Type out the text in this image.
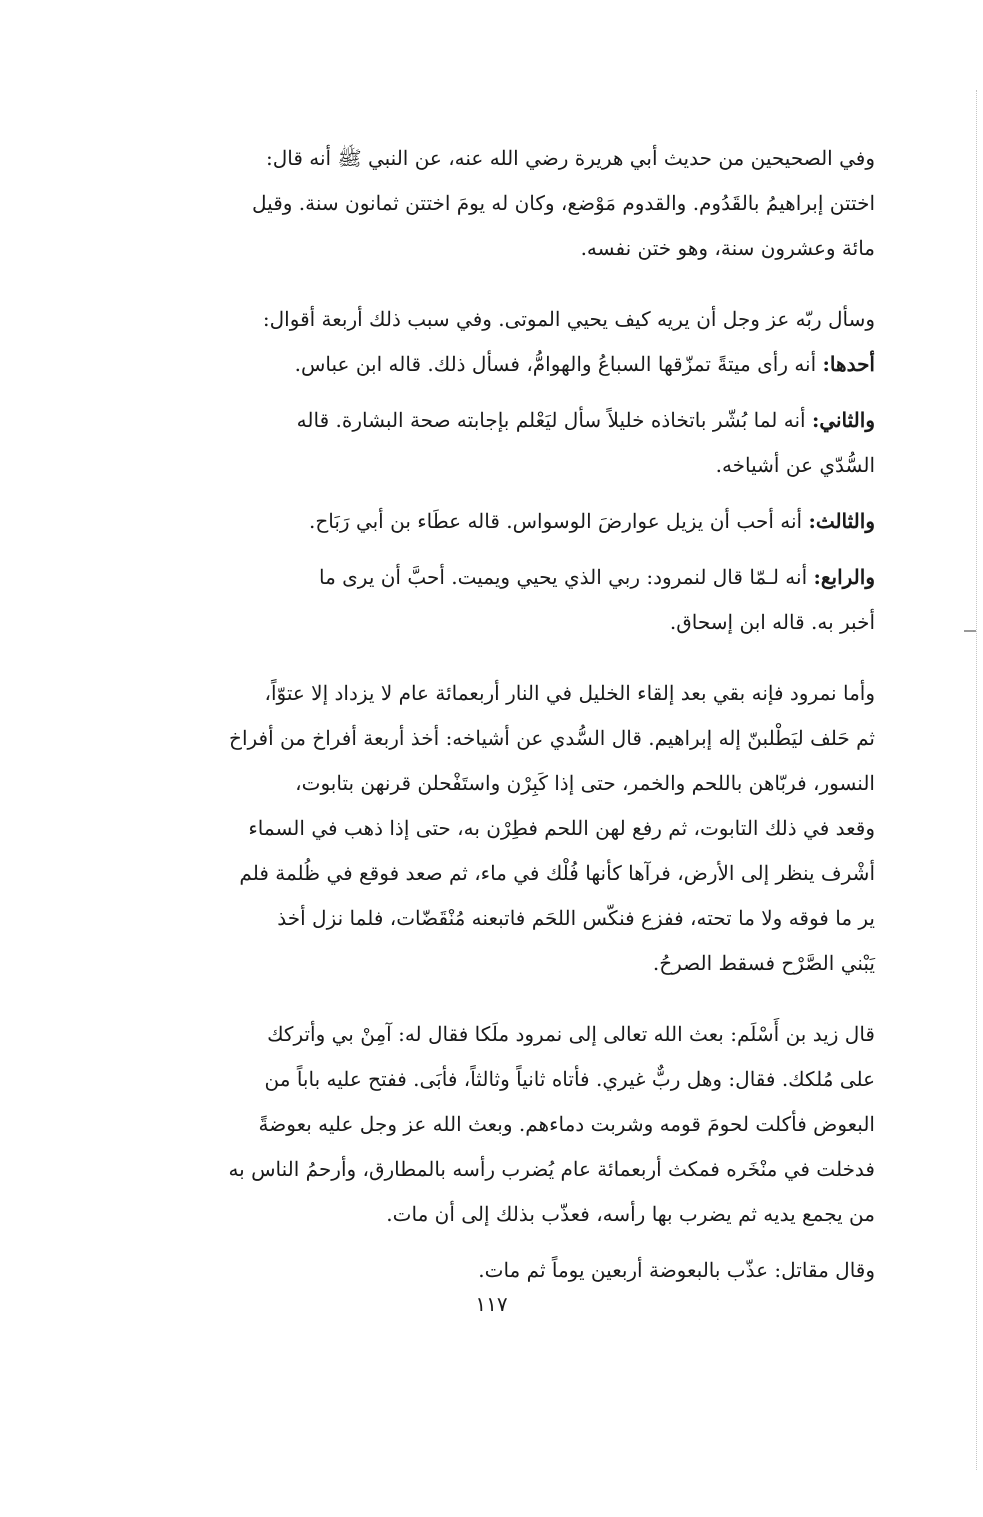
وفي الصحيحين من حديث أبي هريرة رضي الله عنه، عن النبي ﷺ أنه قال:
اختتن إبراهيمُ بالقَدُوم. والقدوم مَوْضع، وكان له يومَ اختتن ثمانون سنة. وقيل
مائة وعشرون سنة، وهو ختن نفسه.

وسأل ربّه عز وجل أن يريه كيف يحيي الموتى. وفي سبب ذلك أربعة أقوال:
أحدها: أنه رأى ميتةً تمزّقها السباعُ والهوامُّ، فسأل ذلك. قاله ابن عباس.

والثاني: أنه لما بُشّر باتخاذه خليلاً سأل ليَعْلم بإجابته صحة البشارة. قاله
السُّدّي عن أشياخه.

والثالث: أنه أحب أن يزيل عوارضَ الوسواس. قاله عطَاء بن أبي رَبَاح.

والرابع: أنه لـمّا قال لنمرود: ربي الذي يحيي ويميت. أحبَّ أن يرى ما
أخبر به. قاله ابن إسحاق.

وأما نمرود فإنه بقي بعد إلقاء الخليل في النار أربعمائة عام لا يزداد إلا عتوّاً،
ثم حَلف ليَطْلبنّ إله إبراهيم. قال السُّدي عن أشياخه: أخذ أربعة أفراخ من أفراخ
النسور، فربّاهن باللحم والخمر، حتى إذا كَبِرْن واستَفْحلن قرنهن بتابوت،
وقعد في ذلك التابوت، ثم رفع لهن اللحم فطِرْن به، حتى إذا ذهب في السماء
أشْرف ينظر إلى الأرض، فرآها كأنها فُلْك في ماء، ثم صعد فوقع في ظُلمة فلم
ير ما فوقه ولا ما تحته، ففزع فنكّس اللحَم فاتبعنه مُنْقَضّات، فلما نزل أخذ
يَبْني الصَّرْح فسقط الصرحُ.

قال زيد بن أَسْلَم: بعث الله تعالى إلى نمرود ملَكا فقال له: آمِنْ بي وأتركك
على مُلكك. فقال: وهل ربٌّ غيري. فأتاه ثانياً وثالثاً، فأبَى. ففتح عليه باباً من
البعوض فأكلت لحومَ قومه وشربت دماءهم. وبعث الله عز وجل عليه بعوضةً
فدخلت في منْخَره فمكث أربعمائة عام يُضرب رأسه بالمطارق، وأرحمُ الناس به
من يجمع يديه ثم يضرب بها رأسه، فعذّب بذلك إلى أن مات.

وقال مقاتل: عذّب بالبعوضة أربعين يوماً ثم مات.

١١٧
